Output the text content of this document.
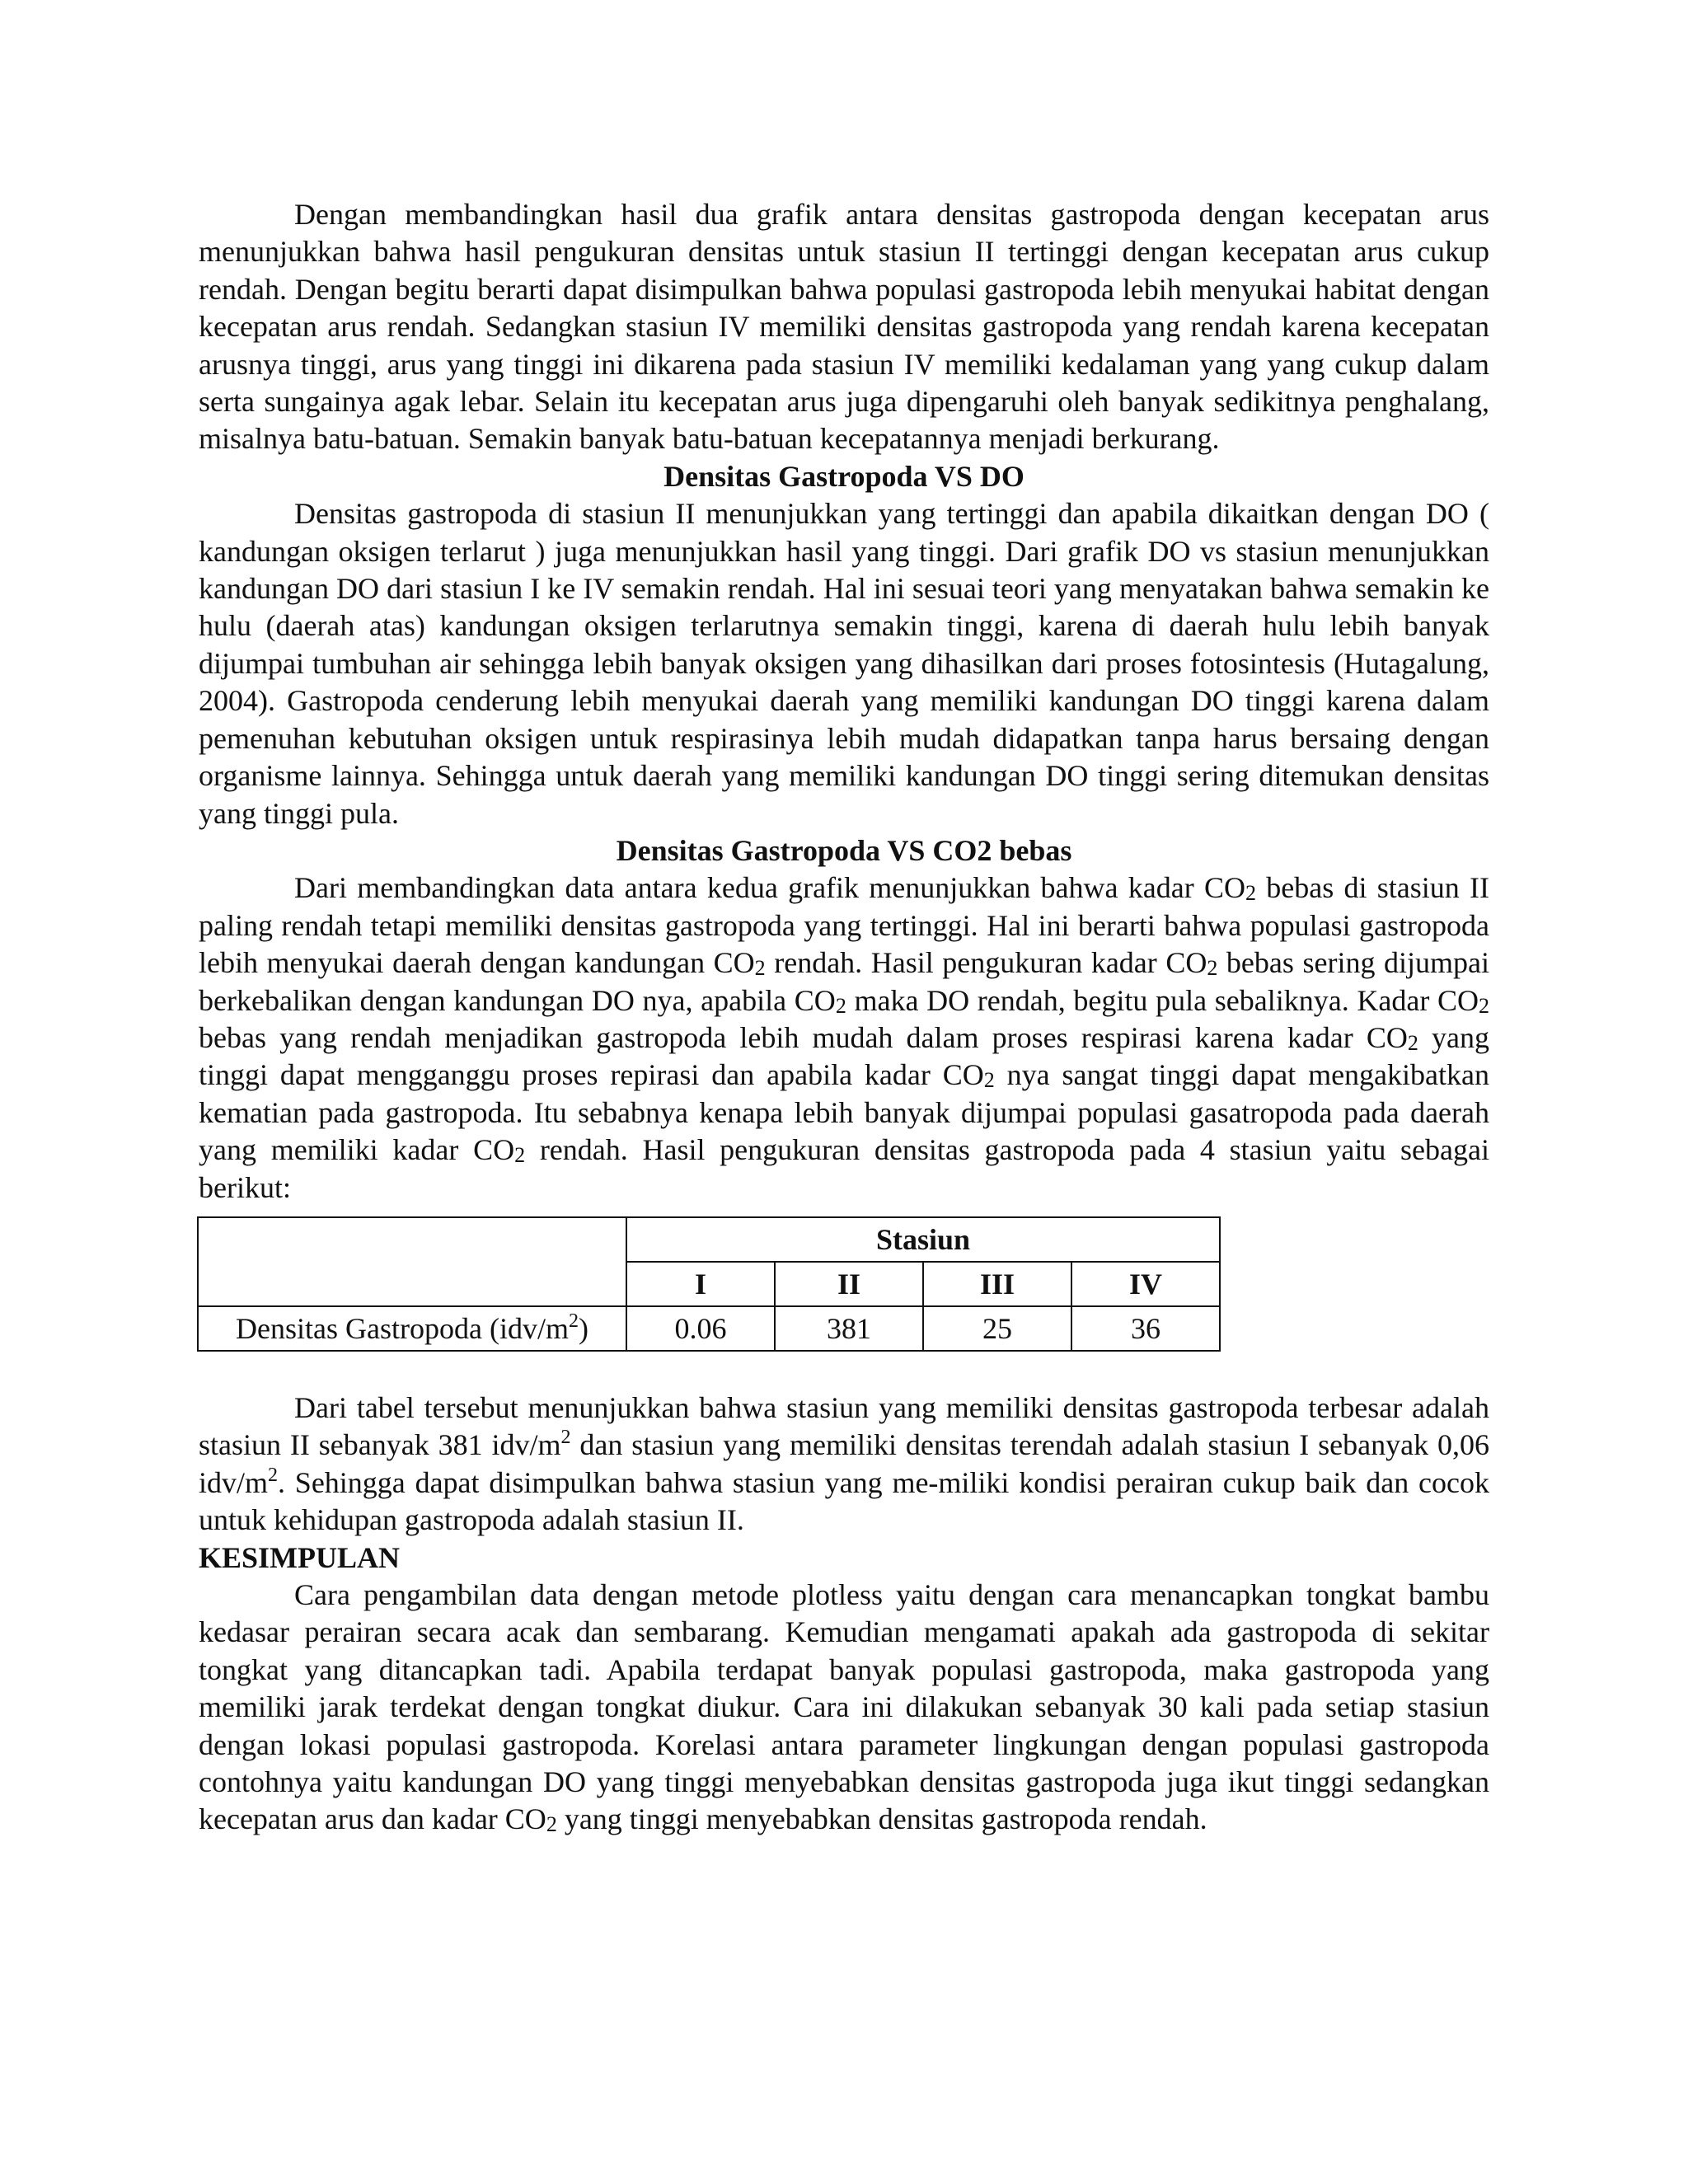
Dengan membandingkan hasil dua grafik antara densitas gastropoda dengan kecepatan arus menunjukkan bahwa hasil pengukuran densitas untuk stasiun II tertinggi dengan kecepatan arus cukup rendah. Dengan begitu berarti dapat disimpulkan bahwa populasi gastropoda lebih menyukai habitat dengan kecepatan arus rendah. Sedangkan stasiun IV memiliki densitas gastropoda yang rendah karena kecepatan arusnya tinggi, arus yang tinggi ini dikarena pada stasiun IV memiliki kedalaman yang yang cukup dalam serta sungainya agak lebar. Selain itu kecepatan arus juga dipengaruhi oleh banyak sedikitnya penghalang, misalnya batu-batuan. Semakin banyak batu-batuan kecepatannya menjadi berkurang.

Densitas Gastropoda VS DO

Densitas gastropoda di stasiun II menunjukkan yang tertinggi dan apabila dikaitkan dengan DO ( kandungan oksigen terlarut ) juga menunjukkan hasil yang tinggi. Dari grafik DO vs stasiun menunjukkan kandungan DO dari stasiun I ke IV semakin rendah. Hal ini sesuai teori yang menyatakan bahwa semakin ke hulu (daerah atas) kandungan oksigen terlarutnya semakin tinggi, karena di daerah hulu lebih banyak dijumpai tumbuhan air sehingga lebih banyak oksigen yang dihasilkan dari proses fotosintesis (Hutagalung, 2004). Gastropoda cenderung lebih menyukai daerah yang memiliki kandungan DO tinggi karena dalam pemenuhan kebutuhan oksigen untuk respirasinya lebih mudah didapatkan tanpa harus bersaing dengan organisme lainnya. Sehingga untuk daerah yang memiliki kandungan DO tinggi sering ditemukan densitas yang tinggi pula.

Densitas Gastropoda VS CO2 bebas

Dari membandingkan data antara kedua grafik menunjukkan bahwa kadar $CO_2$ bebas di stasiun II paling rendah tetapi memiliki densitas gastropoda yang tertinggi. Hal ini berarti bahwa populasi gastropoda lebih menyukai daerah dengan kandungan $CO_2$ rendah. Hasil pengukuran kadar $CO_2$ bebas sering dijumpai berkebalikan dengan kandungan DO nya, apabila $CO_2$ maka DO rendah, begitu pula sebaliknya. Kadar $CO_2$ bebas yang rendah menjadikan gastropoda lebih mudah dalam proses respirasi karena kadar $CO_2$ yang tinggi dapat mengganggu proses repirasi dan apabila kadar $CO_2$ nya sangat tinggi dapat mengakibatkan kematian pada gastropoda. Itu sebabnya kenapa lebih banyak dijumpai populasi gasatropoda pada daerah yang memiliki kadar $CO_2$ rendah. Hasil pengukuran densitas gastropoda pada 4 stasiun yaitu sebagai berikut:

	Stasiun			
	I	II	III	IV
Densitas Gastropoda $(idv/m^2)$	0.06	381	25	36

Dari tabel tersebut menunjukkan bahwa stasiun yang memiliki densitas gastropoda terbesar adalah stasiun II sebanyak 381 idv/$m^2$ dan stasiun yang memiliki densitas terendah adalah stasiun I sebanyak 0,06 idv/$m^2$. Sehingga dapat disimpulkan bahwa stasiun yang me-miliki kondisi perairan cukup baik dan cocok untuk kehidupan gastropoda adalah stasiun II.

KESIMPULAN

Cara pengambilan data dengan metode plotless yaitu dengan cara menancapkan tongkat bambu kedasar perairan secara acak dan sembarang. Kemudian mengamati apakah ada gastropoda di sekitar tongkat yang ditancapkan tadi. Apabila terdapat banyak populasi gastropoda, maka gastropoda yang memiliki jarak terdekat dengan tongkat diukur. Cara ini dilakukan sebanyak 30 kali pada setiap stasiun dengan lokasi populasi gastropoda. Korelasi antara parameter lingkungan dengan populasi gastropoda contohnya yaitu kandungan DO yang tinggi menyebabkan densitas gastropoda juga ikut tinggi sedangkan kecepatan arus dan kadar $CO_2$ yang tinggi menyebabkan densitas gastropoda rendah.
